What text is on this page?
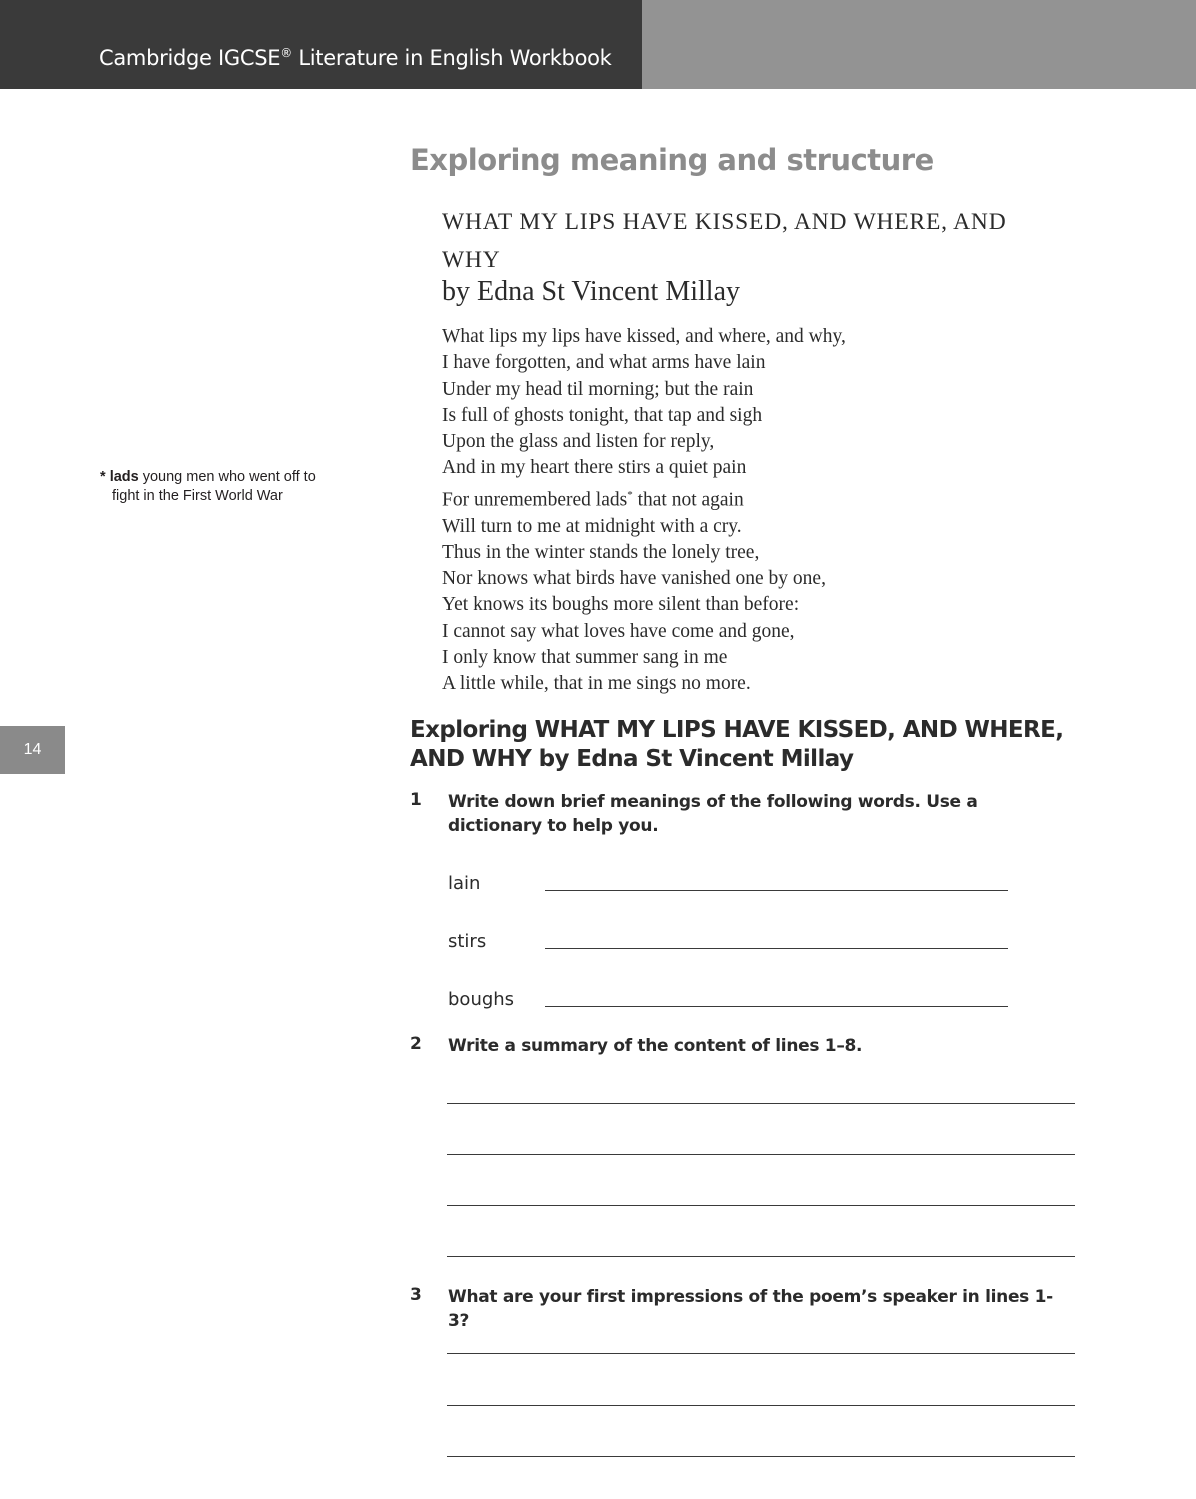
Cambridge IGCSE® Literature in English Workbook
14
Exploring meaning and structure
WHAT MY LIPS HAVE KISSED, AND WHERE, AND WHY
by Edna St Vincent Millay
What lips my lips have kissed, and where, and why,
I have forgotten, and what arms have lain
Under my head til morning; but the rain
Is full of ghosts tonight, that tap and sigh
Upon the glass and listen for reply,
And in my heart there stirs a quiet pain
For unremembered lads* that not again
Will turn to me at midnight with a cry.
Thus in the winter stands the lonely tree,
Nor knows what birds have vanished one by one,
Yet knows its boughs more silent than before:
I cannot say what loves have come and gone,
I only know that summer sang in me
A little while, that in me sings no more.
* lads young men who went off to
fight in the First World War
Exploring WHAT MY LIPS HAVE KISSED, AND WHERE, AND WHY by Edna St Vincent Millay
1 Write down brief meanings of the following words. Use a dictionary to help you.
lain
stirs
boughs
2 Write a summary of the content of lines 1–8.
3 What are your first impressions of the poem’s speaker in lines 1-3?
